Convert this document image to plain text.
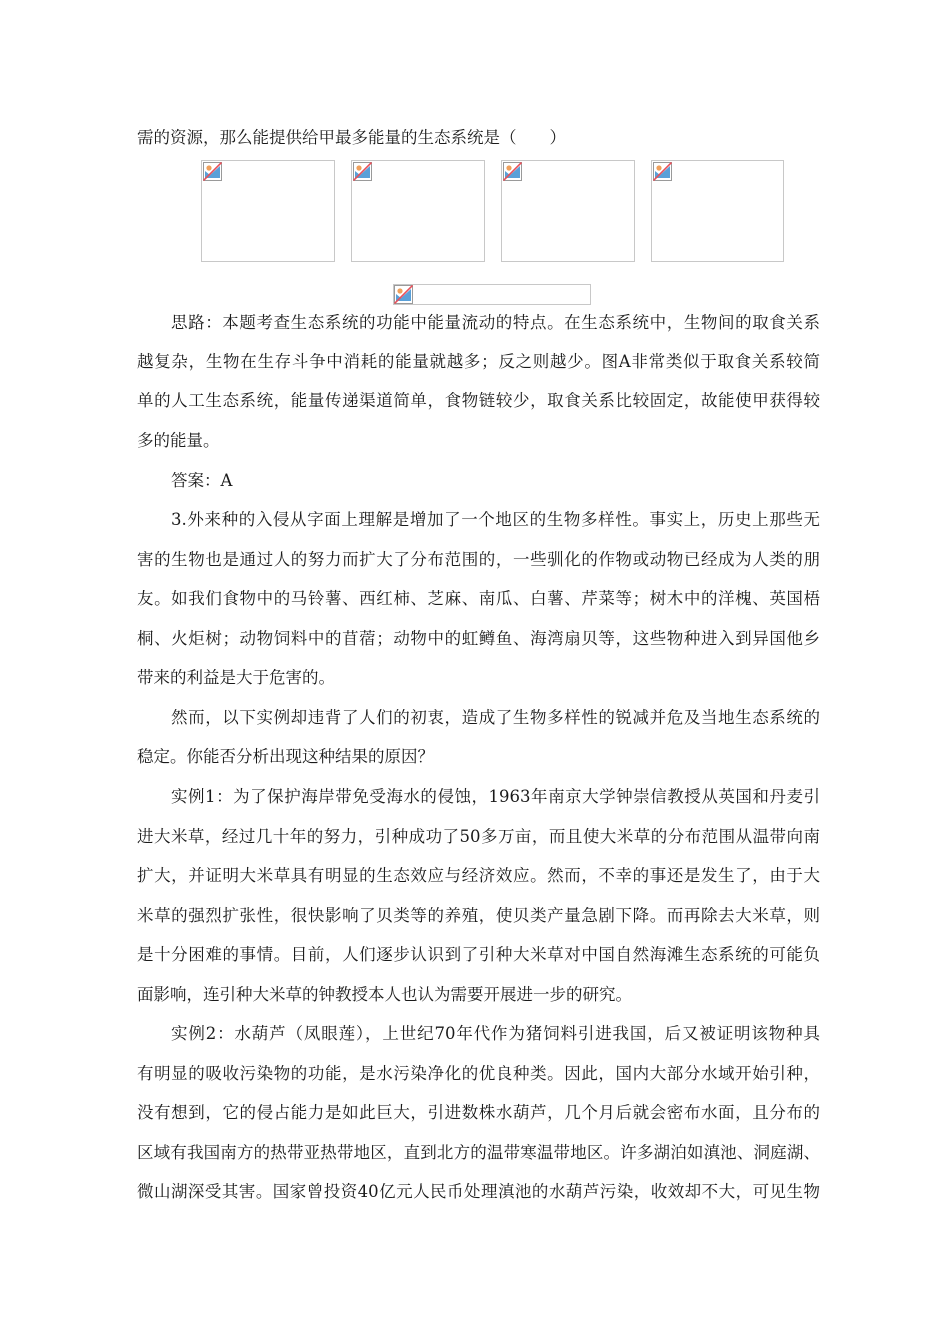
需的资源，那么能提供给甲最多能量的生态系统是（　　）
思路：本题考查生态系统的功能中能量流动的特点。在生态系统中，生物间的取食关系
越复杂，生物在生存斗争中消耗的能量就越多；反之则越少。图A非常类似于取食关系较简
单的人工生态系统，能量传递渠道简单，食物链较少，取食关系比较固定，故能使甲获得较
多的能量。
答案：A
3.外来种的入侵从字面上理解是增加了一个地区的生物多样性。事实上，历史上那些无
害的生物也是通过人的努力而扩大了分布范围的，一些驯化的作物或动物已经成为人类的朋
友。如我们食物中的马铃薯、西红柿、芝麻、南瓜、白薯、芹菜等；树木中的洋槐、英国梧
桐、火炬树；动物饲料中的苜蓿；动物中的虹鳟鱼、海湾扇贝等，这些物种进入到异国他乡
带来的利益是大于危害的。
然而，以下实例却违背了人们的初衷，造成了生物多样性的锐减并危及当地生态系统的
稳定。你能否分析出现这种结果的原因？
实例1：为了保护海岸带免受海水的侵蚀，1963年南京大学钟崇信教授从英国和丹麦引
进大米草，经过几十年的努力，引种成功了50多万亩，而且使大米草的分布范围从温带向南
扩大，并证明大米草具有明显的生态效应与经济效应。然而，不幸的事还是发生了，由于大
米草的强烈扩张性，很快影响了贝类等的养殖，使贝类产量急剧下降。而再除去大米草，则
是十分困难的事情。目前，人们逐步认识到了引种大米草对中国自然海滩生态系统的可能负
面影响，连引种大米草的钟教授本人也认为需要开展进一步的研究。
实例2：水葫芦（凤眼莲），上世纪70年代作为猪饲料引进我国，后又被证明该物种具
有明显的吸收污染物的功能，是水污染净化的优良种类。因此，国内大部分水域开始引种，
没有想到，它的侵占能力是如此巨大，引进数株水葫芦，几个月后就会密布水面，且分布的
区域有我国南方的热带亚热带地区，直到北方的温带寒温带地区。许多湖泊如滇池、洞庭湖、
微山湖深受其害。国家曾投资40亿元人民币处理滇池的水葫芦污染，收效却不大，可见生物
